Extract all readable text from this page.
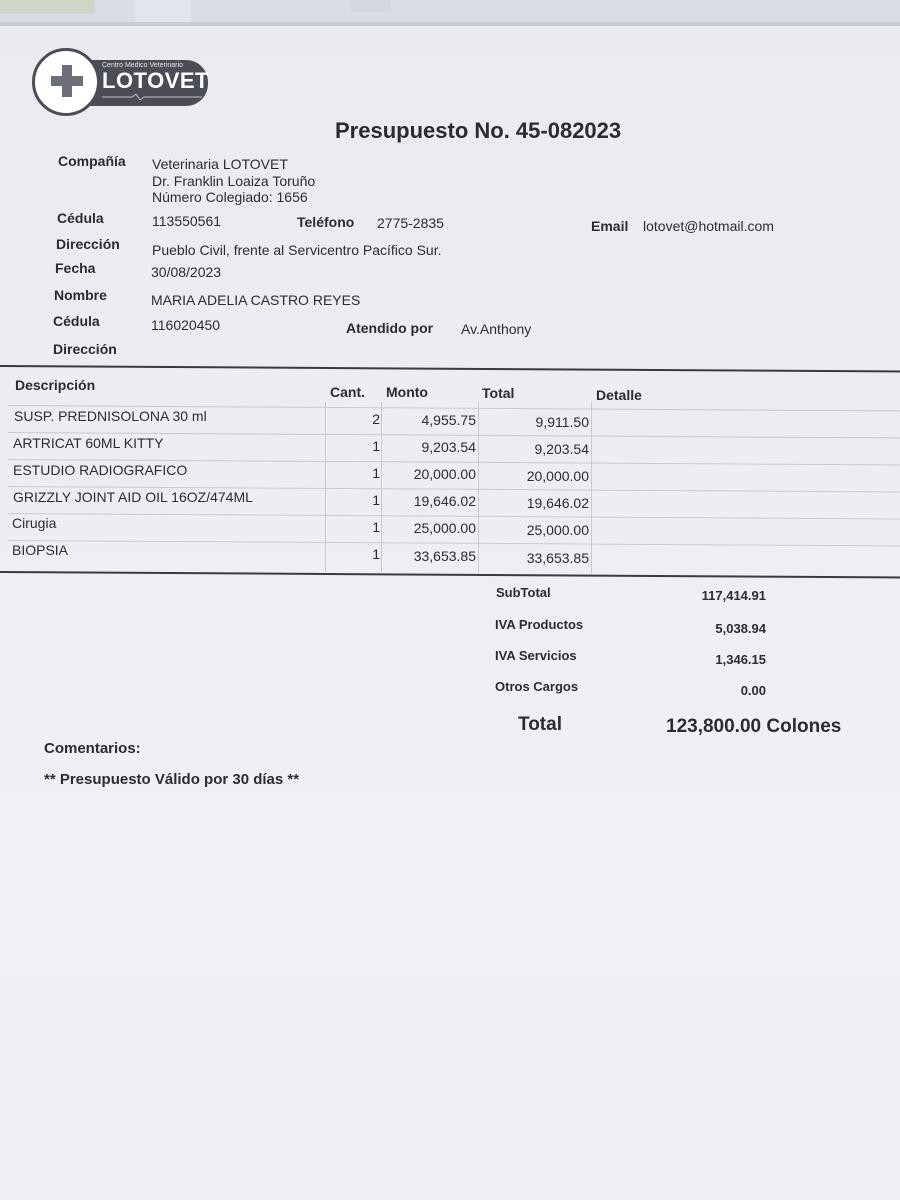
Centro Medico Veterinario
LOTOVET
Presupuesto No. 45-082023
Compañía Veterinaria LOTOVET
Dr. Franklin Loaiza Toruño
Número Colegiado: 1656
Cédula	113550561	Teléfono 2775-2835	Email lotovet@hotmail.com
Dirección Pueblo Civil, frente al Servicentro Pacífico Sur.
Fecha	30/08/2023
Nombre	MARIA ADELIA CASTRO REYES
Cédula	116020450	Atendido por Av.Anthony
Dirección
Descripción	Cant. Monto	Total	Detalle
SUSP. PREDNISOLONA 30 ml	2	4,955.75	9,911.50
ARTRICAT 60ML KITTY	1	9,203.54	9,203.54
ESTUDIO RADIOGRAFICO	1	20,000.00	20,000.00
GRIZZLY JOINT AID OIL 16OZ/474ML	1	19,646.02	19,646.02
Cirugia	1	25,000.00	25,000.00
BIOPSIA	1	33,653.85	33,653.85
SubTotal	117,414.91
IVA Productos	5,038.94
IVA Servicios	1,346.15
Otros Cargos	0.00
Total	123,800.00 Colones
Comentarios:
** Presupuesto Válido por 30 días **
